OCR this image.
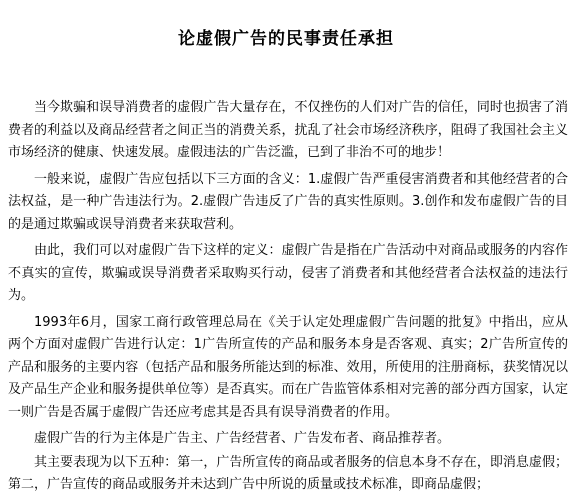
论虚假广告的民事责任承担

当今欺骗和误导消费者的虚假广告大量存在，不仅挫伤的人们对广告的信任，同时也损害了消费者的利益以及商品经营者之间正当的消费关系，扰乱了社会市场经济秩序，阻碍了我国社会主义市场经济的健康、快速发展。虚假违法的广告泛滥，已到了非治不可的地步！

一般来说，虚假广告应包括以下三方面的含义：1.虚假广告严重侵害消费者和其他经营者的合法权益，是一种广告违法行为。2.虚假广告违反了广告的真实性原则。3.创作和发布虚假广告的目的是通过欺骗或误导消费者来获取营利。

由此，我们可以对虚假广告下这样的定义：虚假广告是指在广告活动中对商品或服务的内容作不真实的宣传，欺骗或误导消费者采取购买行动，侵害了消费者和其他经营者合法权益的违法行为。

1993年6月，国家工商行政管理总局在《关于认定处理虚假广告问题的批复》中指出，应从两个方面对虚假广告进行认定：1广告所宣传的产品和服务本身是否客观、真实；2广告所宣传的产品和服务的主要内容（包括产品和服务所能达到的标准、效用，所使用的注册商标，获奖情况以及产品生产企业和服务提供单位等）是否真实。而在广告监管体系相对完善的部分西方国家，认定一则广告是否属于虚假广告还应考虑其是否具有误导消费者的作用。

虚假广告的行为主体是广告主、广告经营者、广告发布者、商品推荐者。

其主要表现为以下五种：第一，广告所宣传的商品或者服务的信息本身不存在，即消息虚假；第二，广告宣传的商品或服务并未达到广告中所说的质量或技术标准，即商品虚假；
